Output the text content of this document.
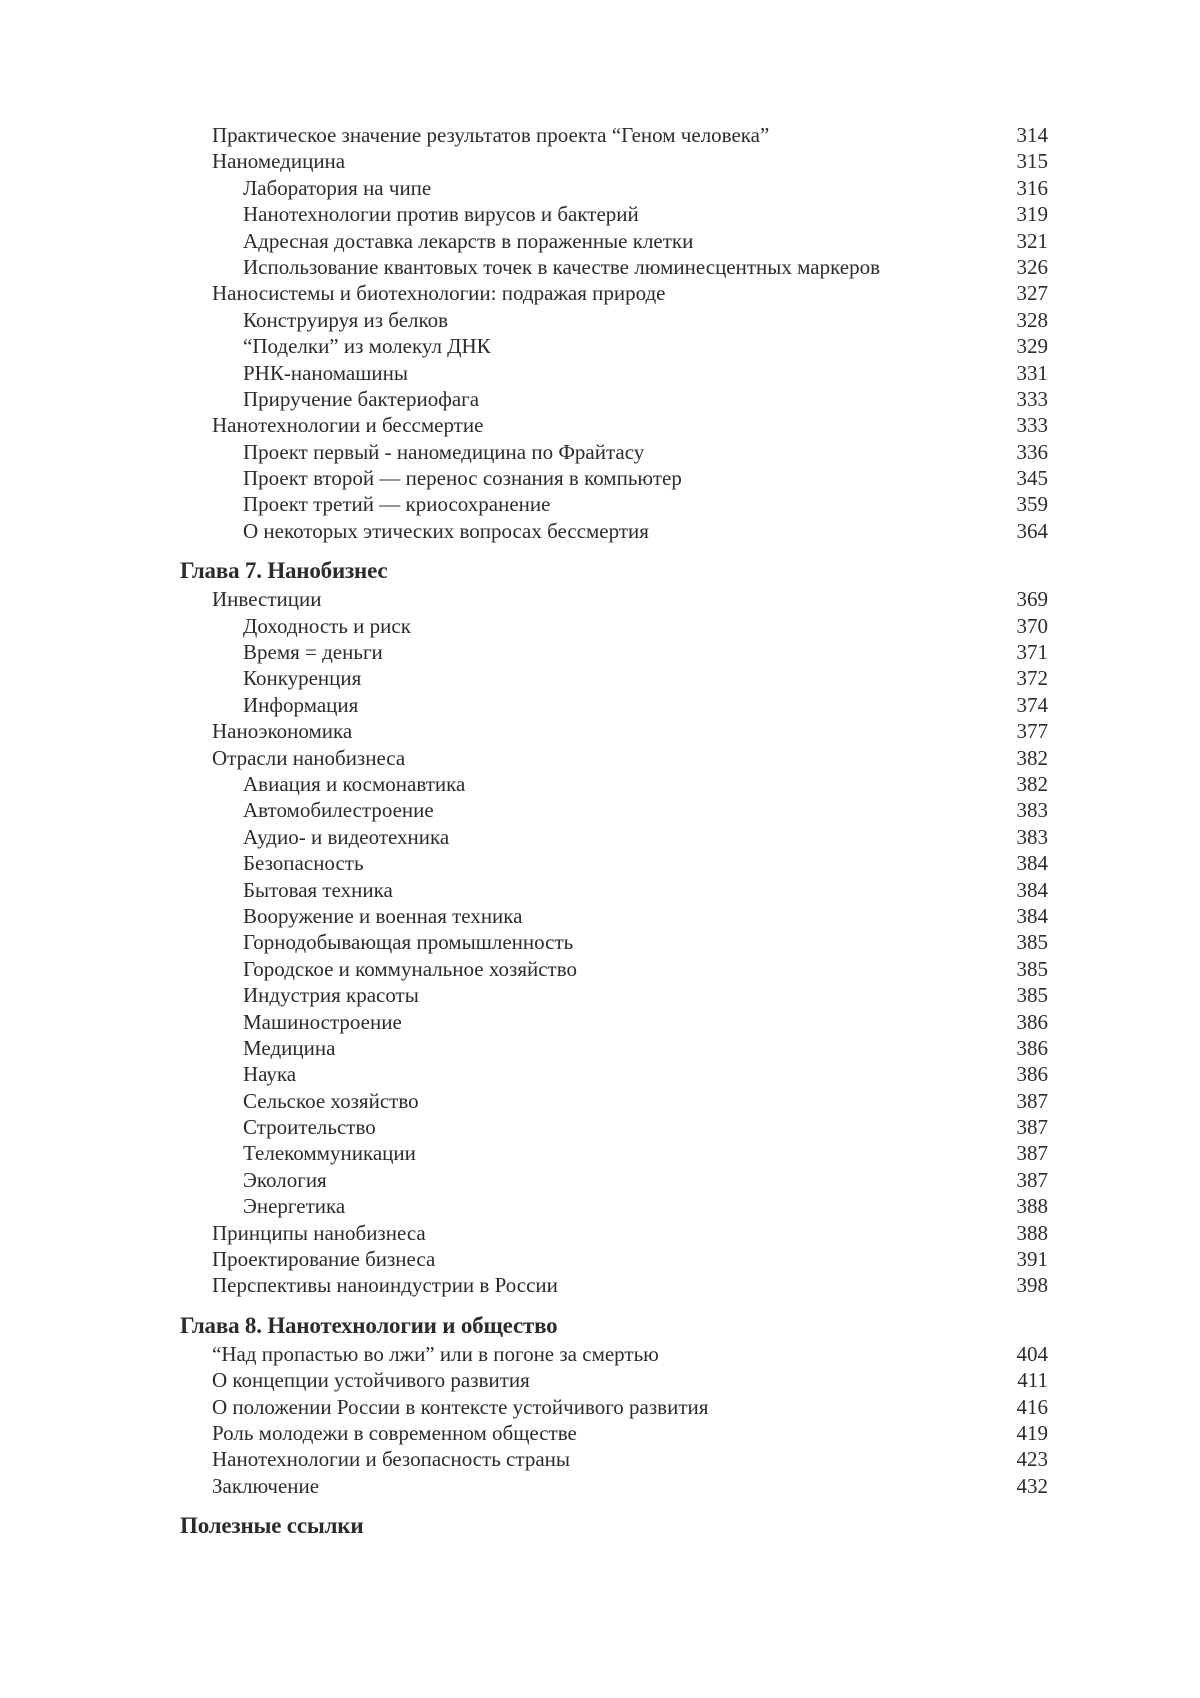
Практическое значение результатов проекта “Геном человека”	314
Наномедицина	315
Лаборатория на чипе	316
Нанотехнологии против вирусов и бактерий	319
Адресная доставка лекарств в пораженные клетки	321
Использование квантовых точек в качестве люминесцентных маркеров	326
Наносистемы и биотехнологии: подражая природе	327
Конструируя из белков	328
“Поделки” из молекул ДНК	329
РНК-наномашины	331
Приручение бактериофага	333
Нанотехнологии и бессмертие	333
Проект первый - наномедицина по Фрайтасу	336
Проект второй — перенос сознания в компьютер	345
Проект третий — криосохранение	359
О некоторых этических вопросах бессмертия	364
Глава 7. Нанобизнес
Инвестиции	369
Доходность и риск	370
Время = деньги	371
Конкуренция	372
Информация	374
Наноэкономика	377
Отрасли нанобизнеса	382
Авиация и космонавтика	382
Автомобилестроение	383
Аудио- и видеотехника	383
Безопасность	384
Бытовая техника	384
Вооружение и военная техника	384
Горнодобывающая промышленность	385
Городское и коммунальное хозяйство	385
Индустрия красоты	385
Машиностроение	386
Медицина	386
Наука	386
Сельское хозяйство	387
Строительство	387
Телекоммуникации	387
Экология	387
Энергетика	388
Принципы нанобизнеса	388
Проектирование бизнеса	391
Перспективы наноиндустрии в России	398
Глава 8. Нанотехнологии и общество
“Над пропастью во лжи” или в погоне за смертью	404
О концепции устойчивого развития	411
О положении России в контексте устойчивого развития	416
Роль молодежи в современном обществе	419
Нанотехнологии и безопасность страны	423
Заключение	432
Полезные ссылки
